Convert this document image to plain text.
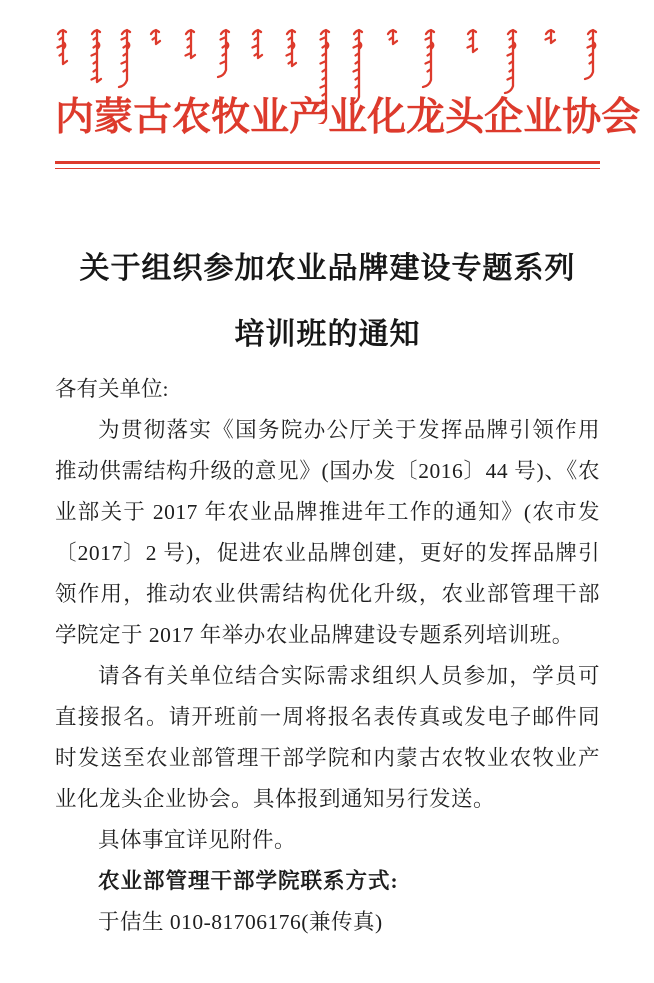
内 蒙 古 农 牧 业 产 业 化 龙 头 企 业 协 会
关于组织参加农业品牌建设专题系列
培训班的通知
各有关单位:

为贯彻落实《国务院办公厅关于发挥品牌引领作用推动供需结构升级的意见》(国办发〔2016〕44 号)、《农业部关于 2017 年农业品牌推进年工作的通知》(农市发〔2017〕2 号)，促进农业品牌创建，更好的发挥品牌引领作用，推动农业供需结构优化升级，农业部管理干部学院定于 2017 年举办农业品牌建设专题系列培训班。

请各有关单位结合实际需求组织人员参加，学员可直接报名。请开班前一周将报名表传真或发电子邮件同时发送至农业部管理干部学院和内蒙古农牧业农牧业产业化龙头企业协会。具体报到通知另行发送。

具体事宜详见附件。

农业部管理干部学院联系方式:

于佶生 010-81706176(兼传真)
